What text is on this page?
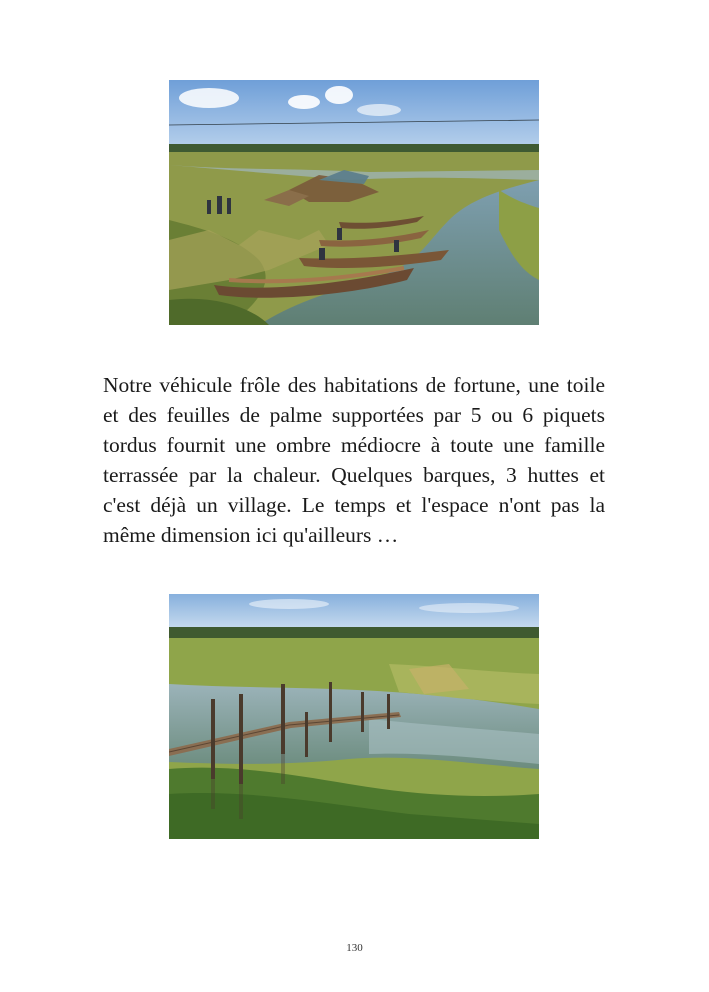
Notre véhicule frôle des habitations de fortune, une toile et des feuilles de palme supportées par 5 ou 6 piquets tordus fournit une ombre médiocre à toute une famille terrassée par la chaleur. Quelques barques, 3 huttes et c'est déjà un village. Le temps et l'espace n'ont pas la même dimension ici qu'ailleurs …

130
